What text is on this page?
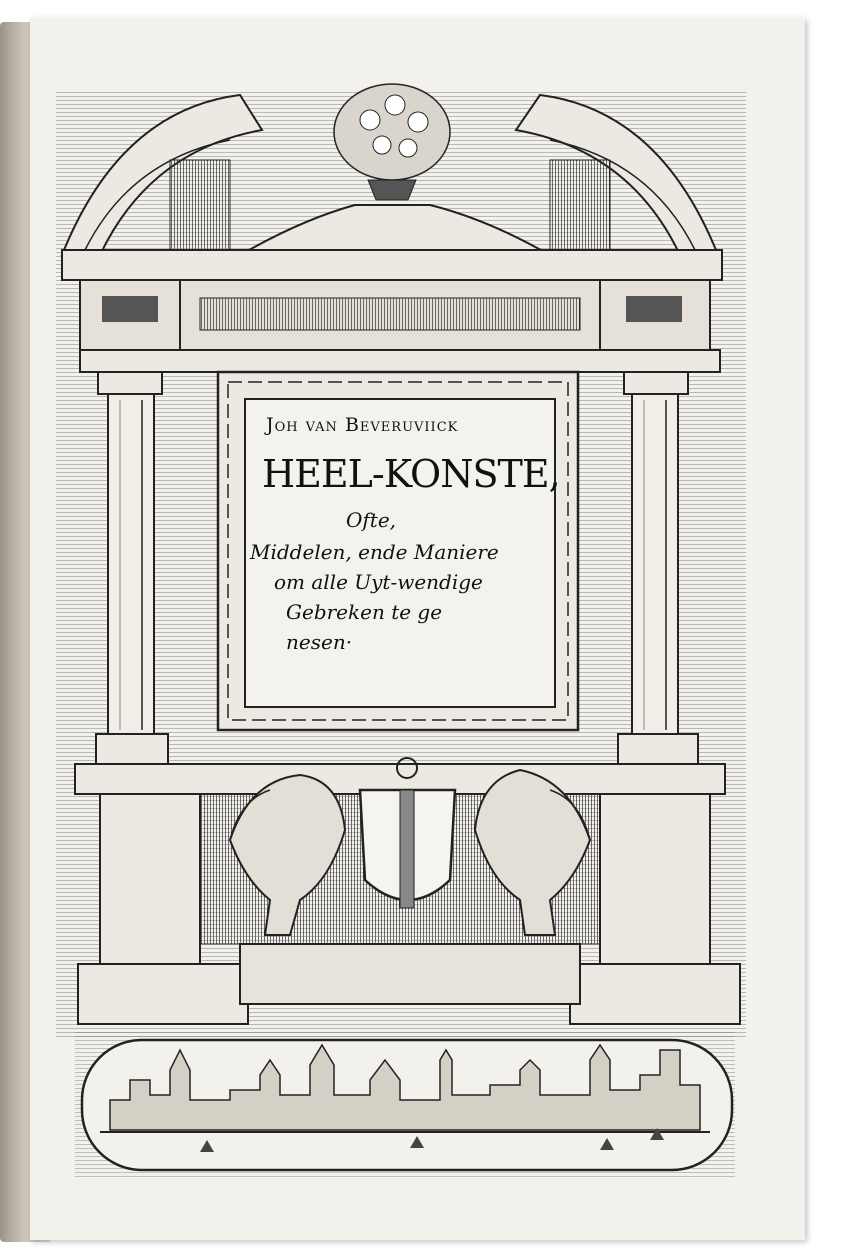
Joh van Beveruviick
HEEL-KONSTE,
Ofte,
Middelen, ende Maniere
om alle Uyt-wendige
Gebreken te ge
nesen·
